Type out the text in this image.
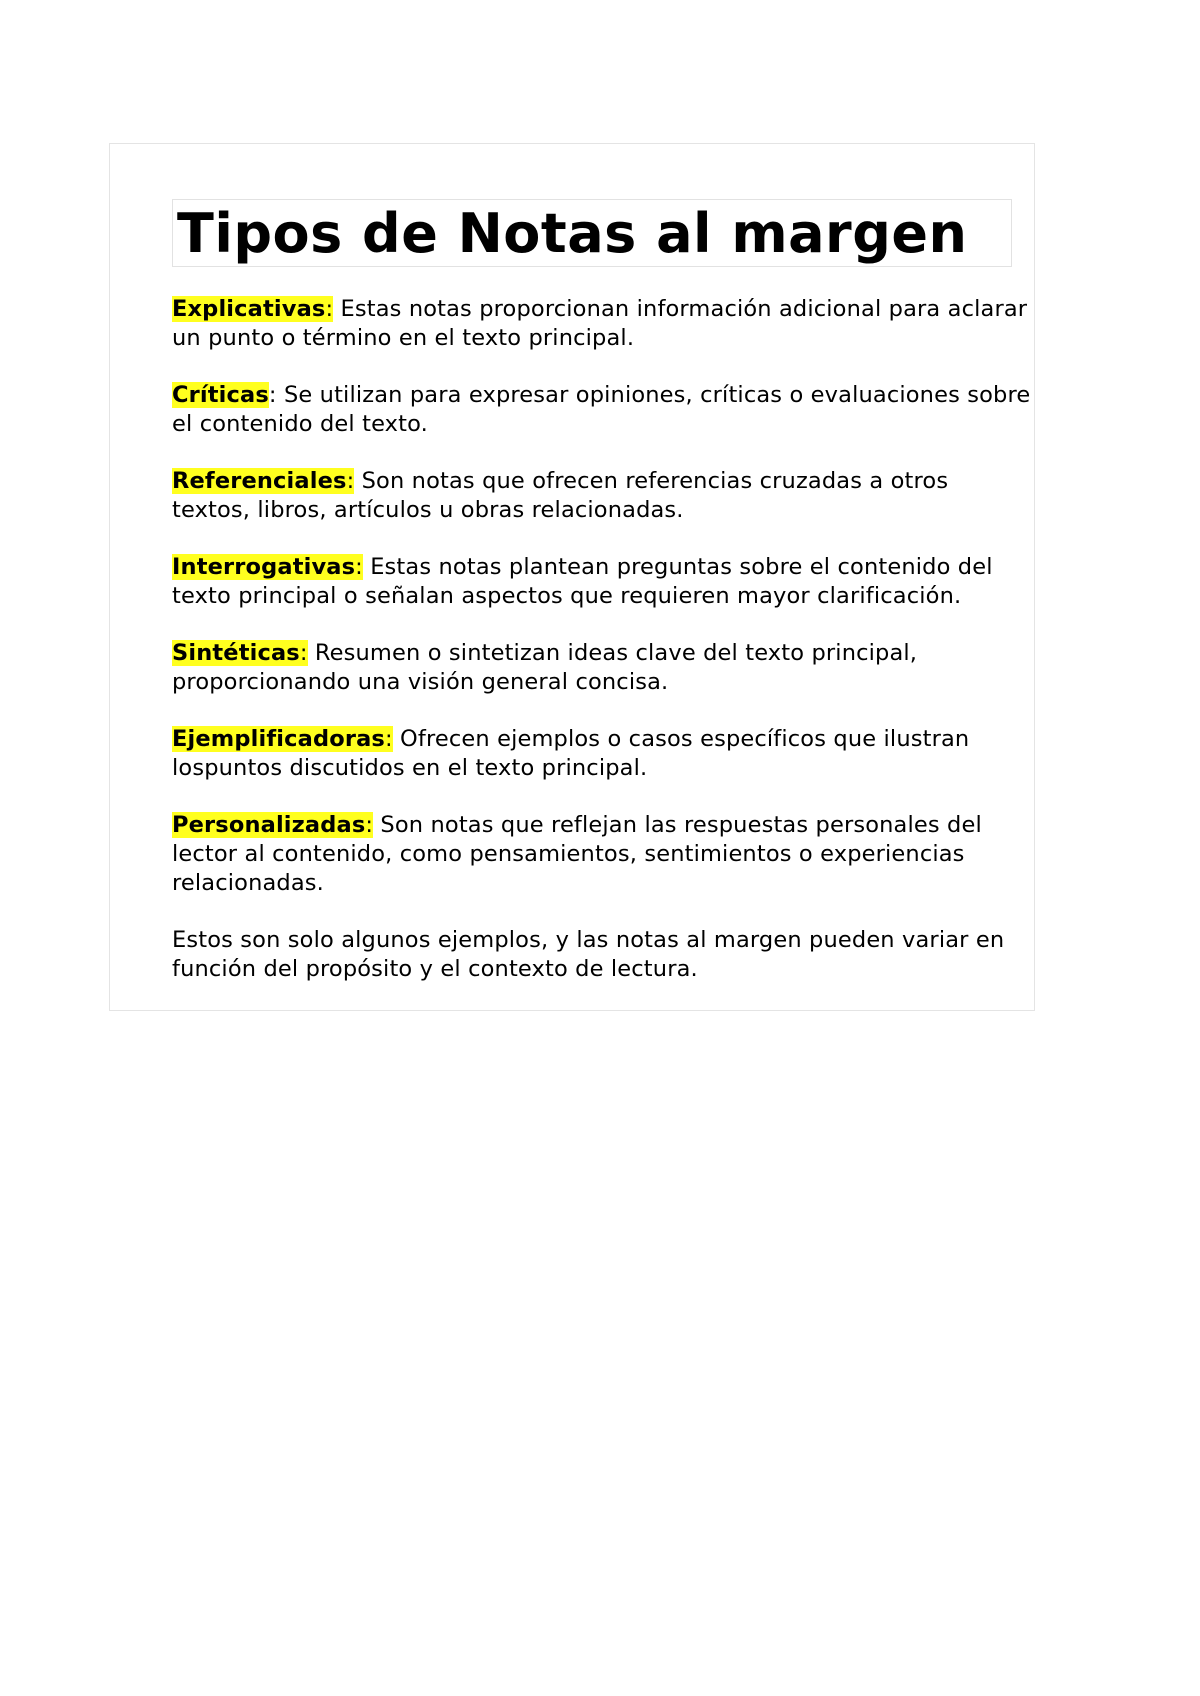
Tipos de Notas al margen

Explicativas: Estas notas proporcionan información adicional para aclarar un punto o término en el texto principal.

Críticas: Se utilizan para expresar opiniones, críticas o evaluaciones sobre el contenido del texto.

Referenciales: Son notas que ofrecen referencias cruzadas a otros textos, libros, artículos u obras relacionadas.

Interrogativas: Estas notas plantean preguntas sobre el contenido del texto principal o señalan aspectos que requieren mayor clarificación.

Sintéticas: Resumen o sintetizan ideas clave del texto principal, proporcionando una visión general concisa.

Ejemplificadoras: Ofrecen ejemplos o casos específicos que ilustran lospuntos discutidos en el texto principal.

Personalizadas: Son notas que reflejan las respuestas personales del lector al contenido, como pensamientos, sentimientos o experiencias relacionadas.

Estos son solo algunos ejemplos, y las notas al margen pueden variar en función del propósito y el contexto de lectura.
